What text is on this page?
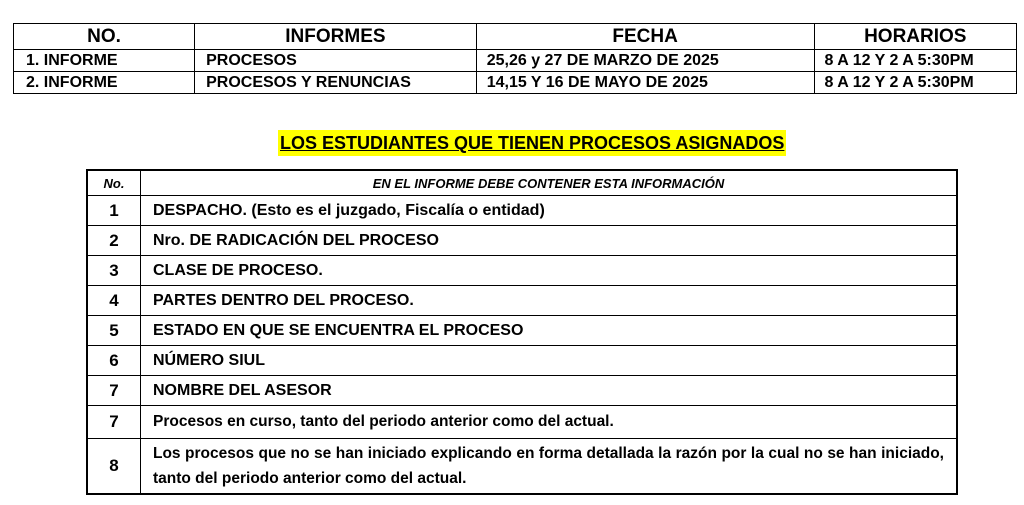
NO.	INFORMES	FECHA	HORARIOS
1. INFORME	PROCESOS	25,26 y 27 DE MARZO DE 2025	8 A 12 Y 2 A 5:30PM
2. INFORME	PROCESOS Y RENUNCIAS	14,15 Y 16 DE MAYO DE 2025	8 A 12 Y 2 A 5:30PM

LOS ESTUDIANTES QUE TIENEN PROCESOS ASIGNADOS

No.	EN EL INFORME DEBE CONTENER ESTA INFORMACIÓN
1	DESPACHO. (Esto es el juzgado, Fiscalía o entidad)
2	Nro. DE RADICACIÓN DEL PROCESO
3	CLASE DE PROCESO.
4	PARTES DENTRO DEL PROCESO.
5	ESTADO EN QUE SE ENCUENTRA EL PROCESO
6	NÚMERO SIUL
7	NOMBRE DEL ASESOR
7	Procesos en curso, tanto del periodo anterior como del actual.
8	Los procesos que no se han iniciado explicando en forma detallada la razón por la cual no se han iniciado, tanto del periodo anterior como del actual.
